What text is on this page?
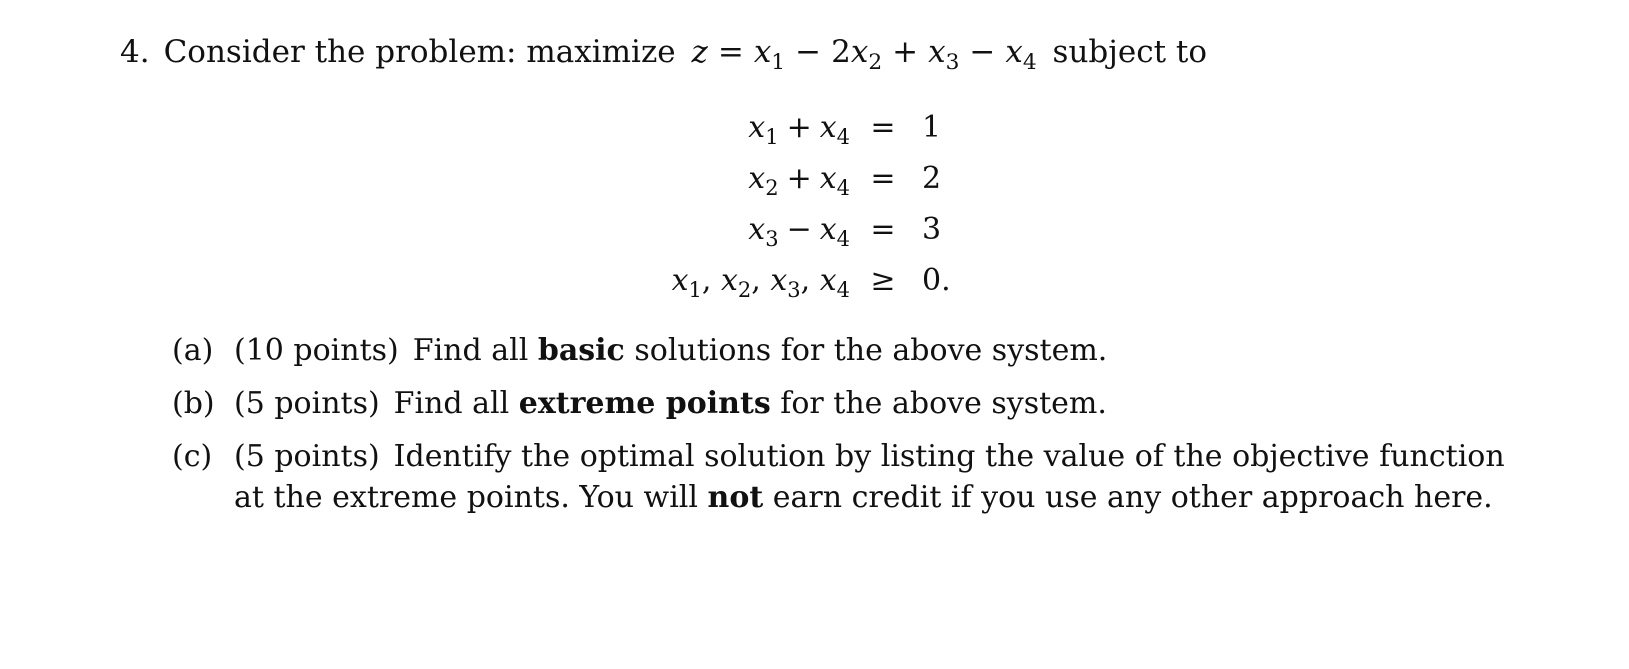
4. Consider the problem: maximize $z = x_1 - 2x_2 + x_3 - x_4$ subject to
$x_1 + x_4 = 1$
$x_2 + x_4 = 2$
$x_3 - x_4 = 3$
$x_1$, $x_2$, $x_3$, $x_4 \ge 0$.
(a) (10 points) Find all basic solutions for the above system.
(b) (5 points) Find all extreme points for the above system.
(c) (5 points) Identify the optimal solution by listing the value of the objective function at the extreme points. You will not earn credit if you use any other approach here.
